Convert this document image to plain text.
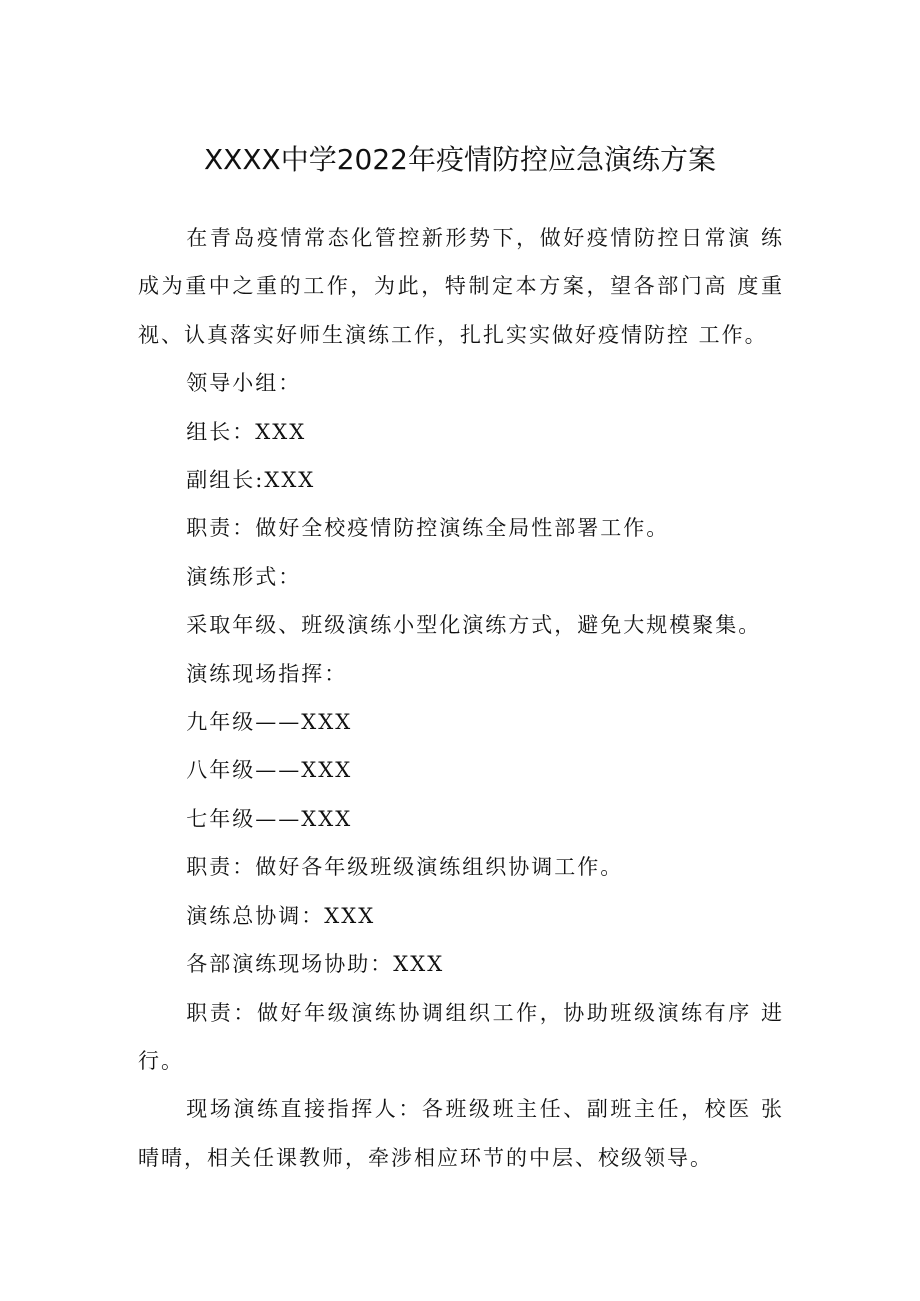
XXXX中学2022年疫情防控应急演练方案

在青岛疫情常态化管控新形势下，做好疫情防控日常演 练成为重中之重的工作，为此，特制定本方案，望各部门高 度重视、认真落实好师生演练工作，扎扎实实做好疫情防控 工作。

领导小组：

组长：XXX

副组长:XXX

职责：做好全校疫情防控演练全局性部署工作。

演练形式：

采取年级、班级演练小型化演练方式，避免大规模聚集。

演练现场指挥：

九年级——XXX

八年级——XXX

七年级——XXX

职责：做好各年级班级演练组织协调工作。

演练总协调：XXX

各部演练现场协助：XXX

职责：做好年级演练协调组织工作，协助班级演练有序 进行。

现场演练直接指挥人：各班级班主任、副班主任，校医 张晴晴，相关任课教师，牵涉相应环节的中层、校级领导。
